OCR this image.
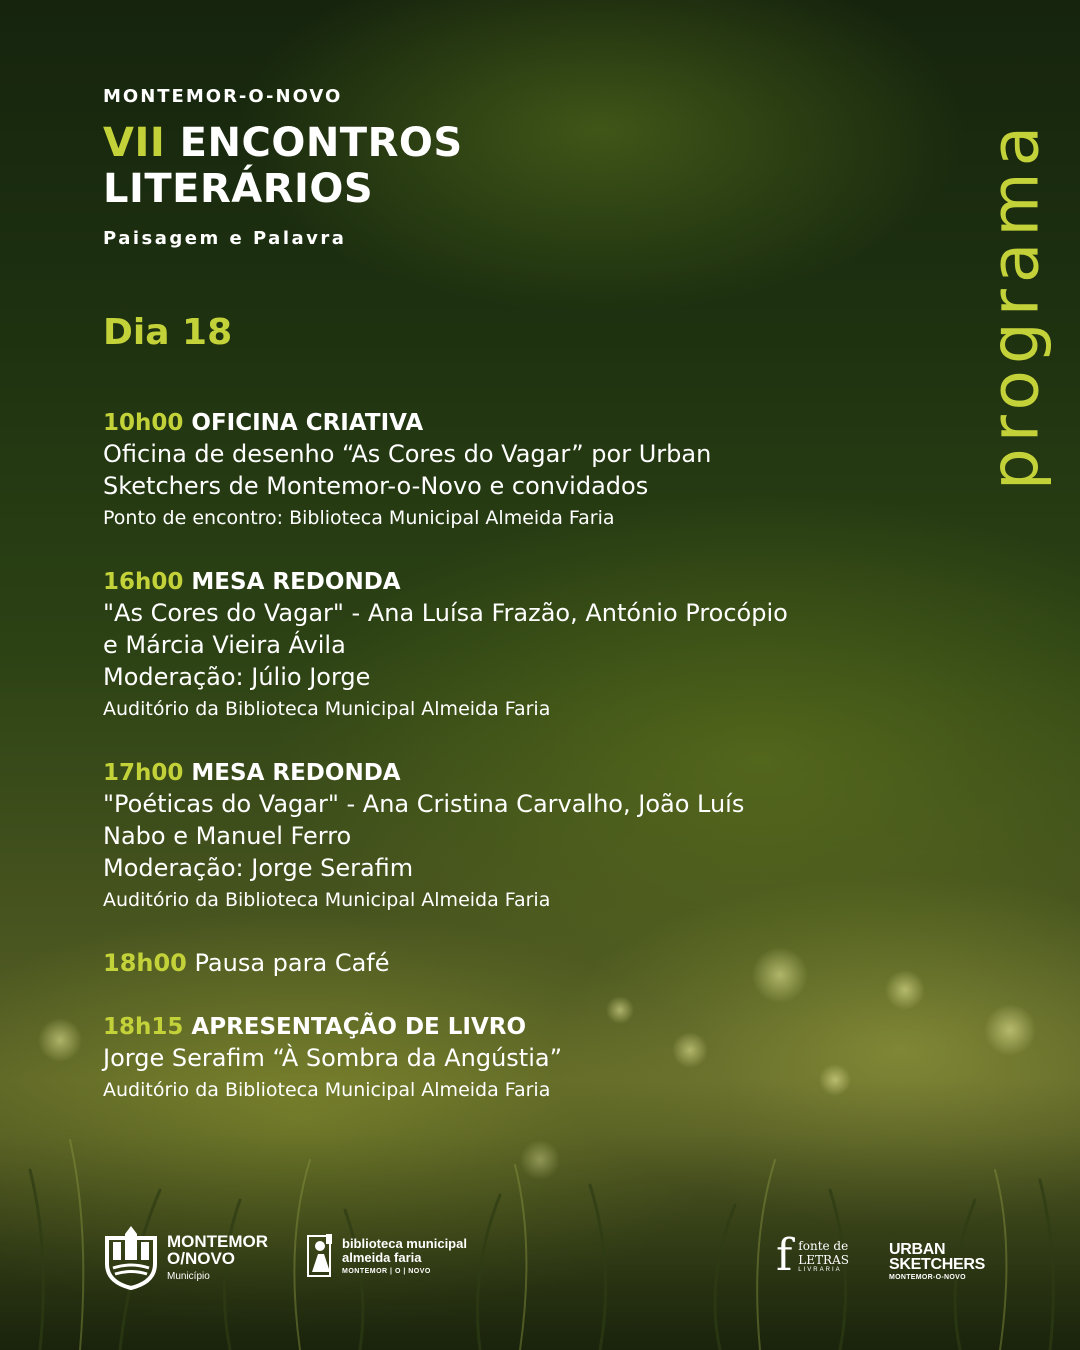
MONTEMOR-O-NOVO
VII ENCONTROS
LITERÁRIOS
Paisagem e Palavra
Dia 18
10h00 OFICINA CRIATIVA
Oficina de desenho “As Cores do Vagar” por Urban
Sketchers de Montemor-o-Novo e convidados
Ponto de encontro: Biblioteca Municipal Almeida Faria
16h00 MESA REDONDA
"As Cores do Vagar" - Ana Luísa Frazão, António Procópio
e Márcia Vieira Ávila
Moderação: Júlio Jorge
Auditório da Biblioteca Municipal Almeida Faria
17h00 MESA REDONDA
"Poéticas do Vagar" - Ana Cristina Carvalho, João Luís
Nabo e Manuel Ferro
Moderação: Jorge Serafim
Auditório da Biblioteca Municipal Almeida Faria
18h00 Pausa para Café
18h15 APRESENTAÇÃO DE LIVRO
Jorge Serafim “À Sombra da Angústia”
Auditório da Biblioteca Municipal Almeida Faria
programa
MONTEMOR
O/NOVO
Município
biblioteca municipal
almeida faria
MONTEMOR | O | NOVO	f fonte de
LETRAS
LIVRARIA
URBAN
SKETCHERS
MONTEMOR-O-NOVO
